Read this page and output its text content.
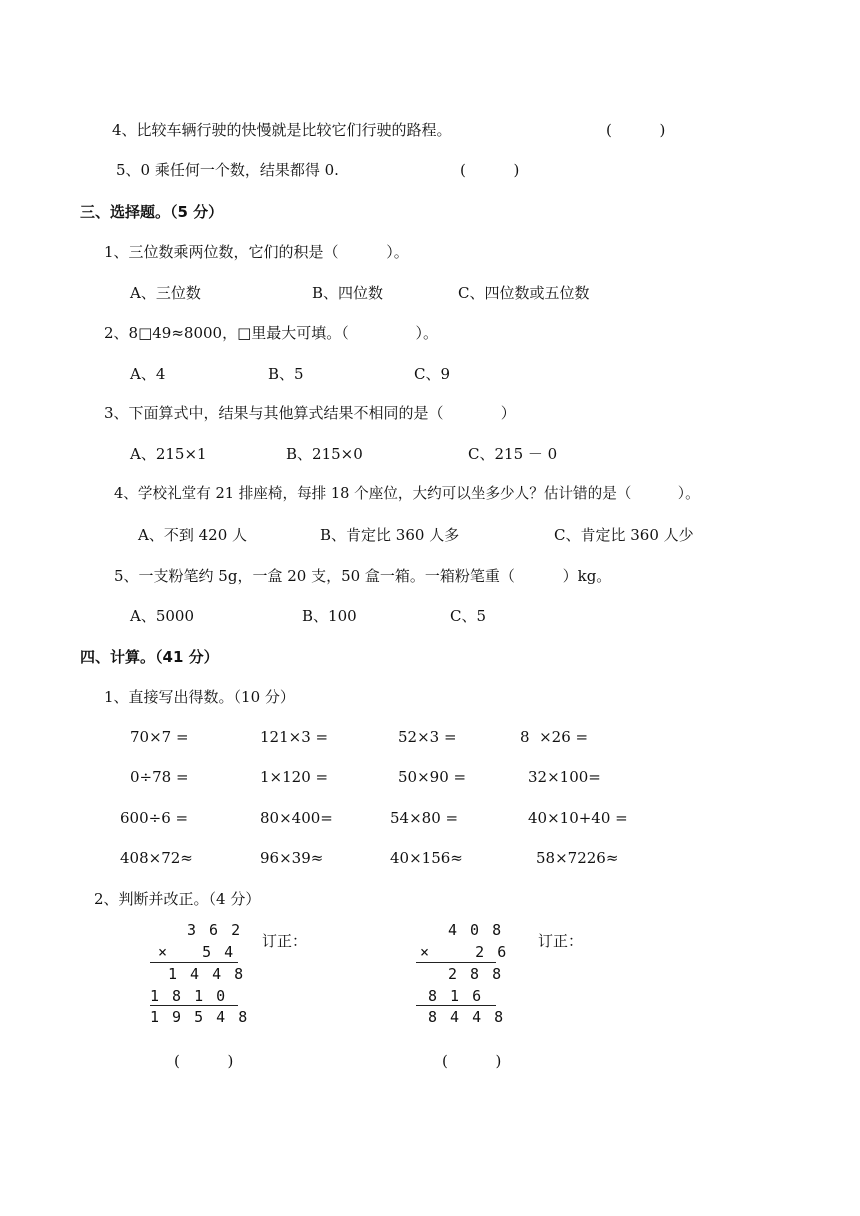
4、比较车辆行驶的快慢就是比较它们行驶的路程。	(          )
5、0 乘任何一个数，结果都得 0.	(          )
三、选择题。（5 分）
1、三位数乘两位数，它们的积是（          ）。
A、三位数	B、四位数	C、四位数或五位数
2、8□49≈8000，□里最大可填。（              ）。
A、4	B、5	C、9
3、下面算式中，结果与其他算式结果不相同的是（            ）
A、215×1	B、215×0	C、215 － 0
4、学校礼堂有 21 排座椅，每排 18 个座位，大约可以坐多少人？估计错的是（          ）。
A、不到 420 人	B、肯定比 360 人多	C、肯定比 360 人少
5、一支粉笔约 5g，一盒 20 支，50 盒一箱。一箱粉笔重（          ）kg。
A、5000	B、100	C、5
四、计算。（41 分）
1、直接写出得数。（10 分）
70×7 =	121×3 =	52×3 =	8  ×26 =
0÷78 =	1×120 =	50×90 =	32×100=
600÷6 =	80×400=	54×80 =	40×10+40 =
408×72≈	96×39≈	40×156≈	58×7226≈
2、判断并改正。（4 分）
3 6 2
×   5 4
1 4 4 8
1 8 1 0
1 9 5 4 8
订正：
(          )
4 0 8
×    2 6
2 8 8
8 1 6
8 4 4 8
订正：
(          )
